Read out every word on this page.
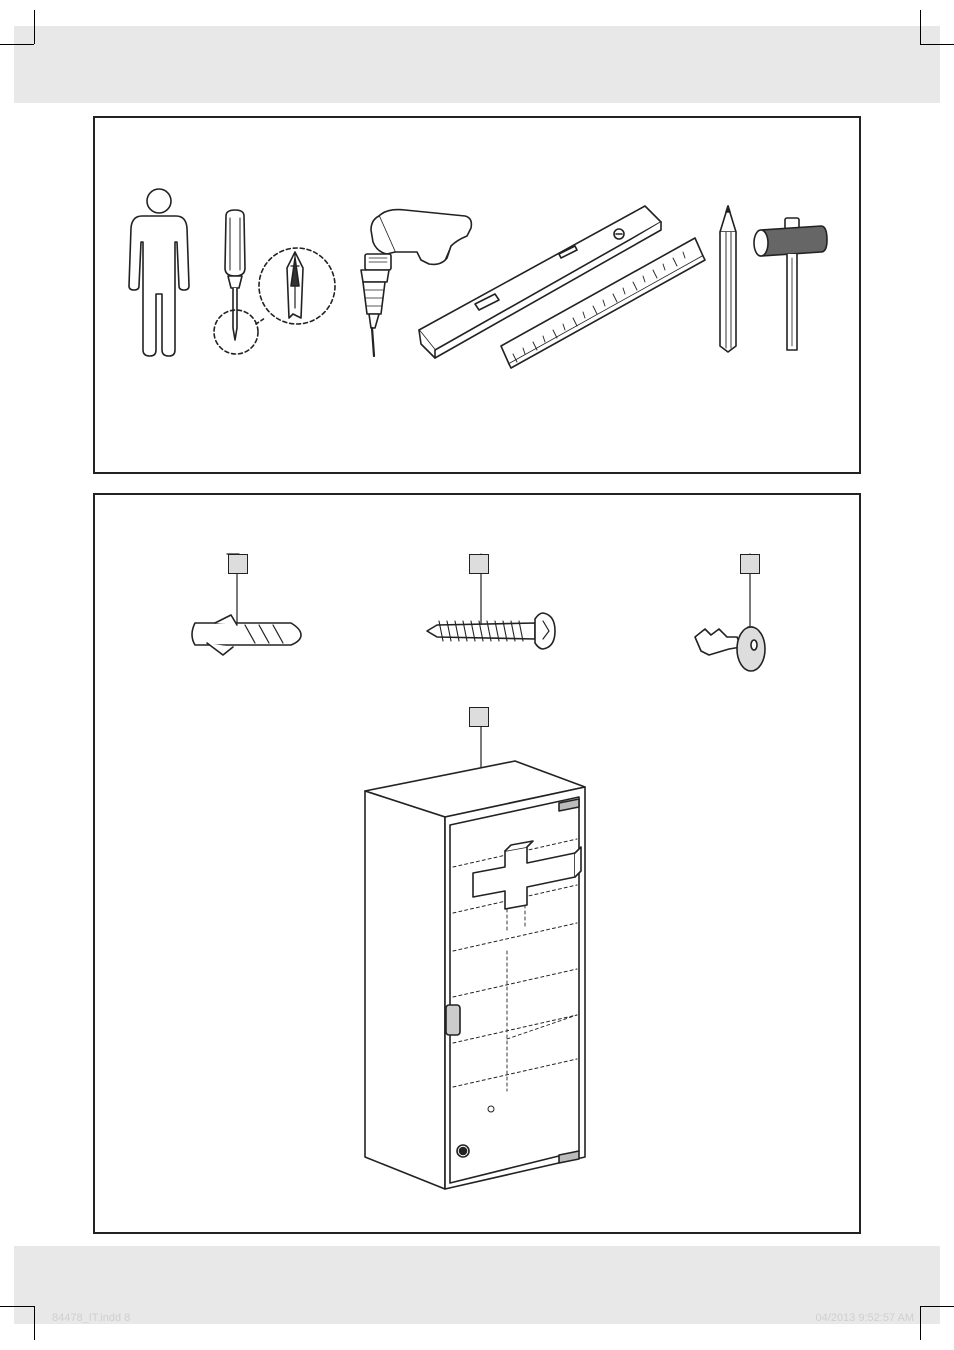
84478_IT.indd 8	04/2013 9:52:57 AM
